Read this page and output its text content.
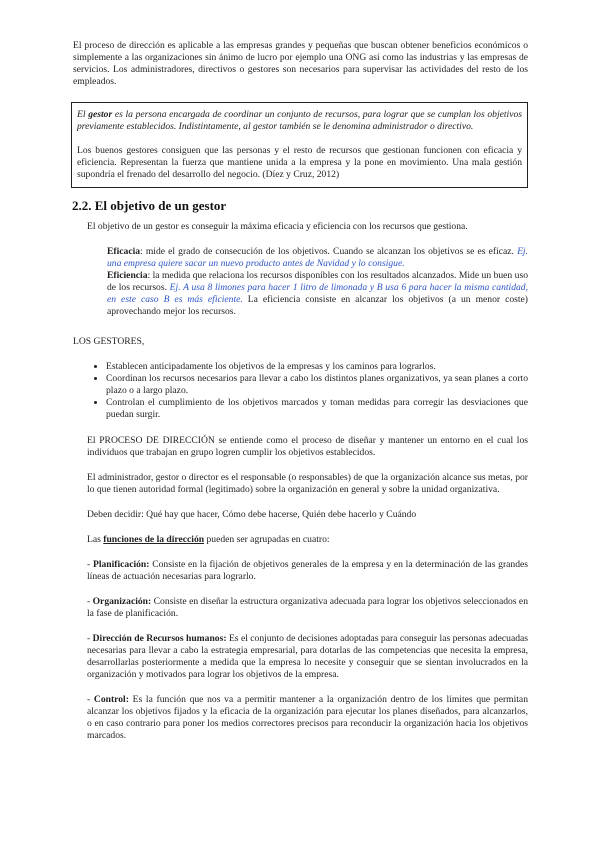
El proceso de dirección es aplicable a las empresas grandes y pequeñas que buscan obtener beneficios económicos o simplemente a las organizaciones sin ánimo de lucro por ejemplo una ONG así como las industrias y las empresas de servicios. Los administradores, directivos o gestores son necesarios para supervisar las actividades del resto de los empleados.

El gestor es la persona encargada de coordinar un conjunto de recursos, para lograr que se cumplan los objetivos previamente establecidos. Indistintamente, al gestor también se le denomina administrador o directivo.

Los buenos gestores consiguen que las personas y el resto de recursos que gestionan funcionen con eficacia y eficiencia. Representan la fuerza que mantiene unida a la empresa y la pone en movimiento. Una mala gestión supondría el frenado del desarrollo del negocio. (Díez y Cruz, 2012)

2.2. El objetivo de un gestor

El objetivo de un gestor es conseguir la máxima eficacia y eficiencia con los recursos que gestiona.

Eficacia: mide el grado de consecución de los objetivos. Cuando se alcanzan los objetivos se es eficaz. Ej. una empresa quiere sacar un nuevo producto antes de Navidad y lo consigue.

Eficiencia: la medida que relaciona los recursos disponibles con los resultados alcanzados. Mide un buen uso de los recursos. Ej. A usa 8 limones para hacer 1 litro de limonada y B usa 6 para hacer la misma cantidad, en este caso B es más eficiente. La eficiencia consiste en alcanzar los objetivos (a un menor coste) aprovechando mejor los recursos.

LOS GESTORES,

• Establecen anticipadamente los objetivos de la empresas y los caminos para lograrlos.
• Coordinan los recursos necesarios para llevar a cabo los distintos planes organizativos, ya sean planes a corto plazo o a largo plazo.
• Controlan el cumplimiento de los objetivos marcados y toman medidas para corregir las desviaciones que puedan surgir.

El PROCESO DE DIRECCIÓN se entiende como el proceso de diseñar y mantener un entorno en el cual los individuos que trabajan en grupo logren cumplir los objetivos establecidos.

El administrador, gestor o director es el responsable (o responsables) de que la organización alcance sus metas, por lo que tienen autoridad formal (legitimado) sobre la organización en general y sobre la unidad organizativa.

Deben decidir: Qué hay que hacer, Cómo debe hacerse, Quién debe hacerlo y Cuándo

Las funciones de la dirección pueden ser agrupadas en cuatro:

- Planificación: Consiste en la fijación de objetivos generales de la empresa y en la determinación de las grandes líneas de actuación necesarias para lograrlo.

- Organización: Consiste en diseñar la estructura organizativa adecuada para lograr los objetivos seleccionados en la fase de planificación.

- Dirección de Recursos humanos: Es el conjunto de decisiones adoptadas para conseguir las personas adecuadas necesarias para llevar a cabo la estrategia empresarial, para dotarlas de las competencias que necesita la empresa, desarrollarlas posteriormente a medida que la empresa lo necesite y conseguir que se sientan involucrados en la organización y motivados para lograr los objetivos de la empresa.

- Control: Es la función que nos va a permitir mantener a la organización dentro de los límites que permitan alcanzar los objetivos fijados y la eficacia de la organización para ejecutar los planes diseñados, para alcanzarlos, o en caso contrario para poner los medios correctores precisos para reconducir la organización hacia los objetivos marcados.
